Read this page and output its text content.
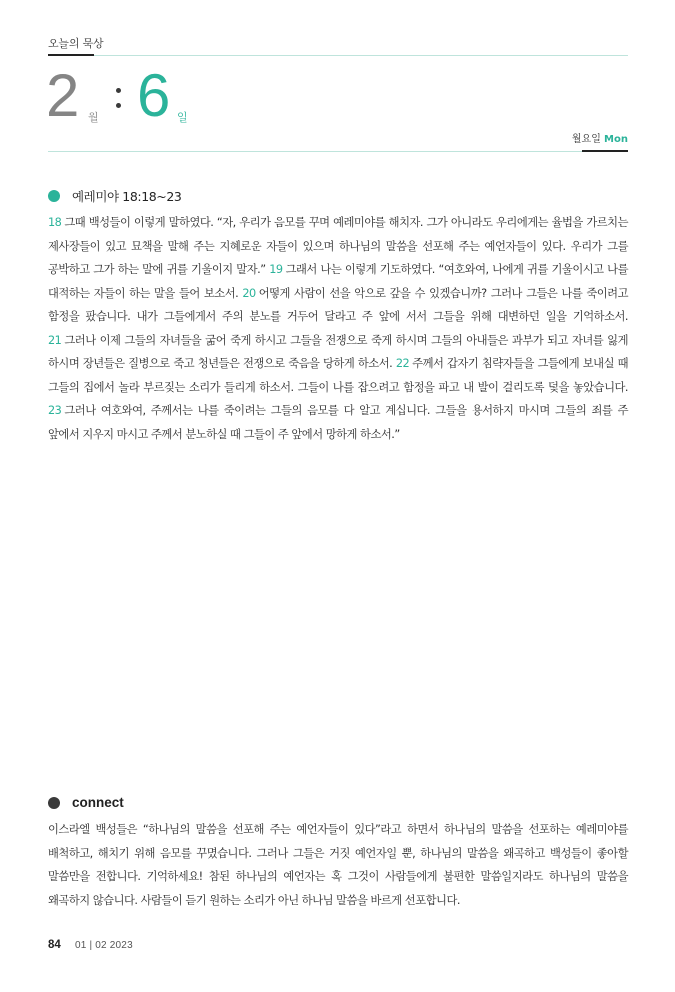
오늘의 묵상
2 월 6 일
월요일 Mon
예레미야 18:18~23

18 그때 백성들이 이렇게 말하였다. “자, 우리가 음모를 꾸며 예레미야를 해치자. 그가 아니라도 우리에게는 율법을 가르치는 제사장들이 있고 묘책을 말해 주는 지혜로운 자들이 있으며 하나님의 말씀을 선포해 주는 예언자들이 있다. 우리가 그를 공박하고 그가 하는 말에 귀를 기울이지 말자.” 19 그래서 나는 이렇게 기도하였다. “여호와여, 나에게 귀를 기울이시고 나를 대적하는 자들이 하는 말을 들어 보소서. 20 어떻게 사람이 선을 악으로 갚을 수 있겠습니까? 그러나 그들은 나를 죽이려고 함정을 팠습니다. 내가 그들에게서 주의 분노를 거두어 달라고 주 앞에 서서 그들을 위해 대변하던 일을 기억하소서. 21 그러나 이제 그들의 자녀들을 굶어 죽게 하시고 그들을 전쟁으로 죽게 하시며 그들의 아내들은 과부가 되고 자녀를 잃게 하시며 장년들은 질병으로 죽고 청년들은 전쟁으로 죽음을 당하게 하소서. 22 주께서 갑자기 침략자들을 그들에게 보내실 때 그들의 집에서 놀라 부르짖는 소리가 들리게 하소서. 그들이 나를 잡으려고 함정을 파고 내 발이 걸리도록 덫을 놓았습니다. 23 그러나 여호와여, 주께서는 나를 죽이려는 그들의 음모를 다 알고 계십니다. 그들을 용서하지 마시며 그들의 죄를 주 앞에서 지우지 마시고 주께서 분노하실 때 그들이 주 앞에서 망하게 하소서.”

connect

이스라엘 백성들은 “하나님의 말씀을 선포해 주는 예언자들이 있다”라고 하면서 하나님의 말씀을 선포하는 예레미야를 배척하고, 해치기 위해 음모를 꾸몄습니다. 그러나 그들은 거짓 예언자일 뿐, 하나님의 말씀을 왜곡하고 백성들이 좋아할 말씀만을 전합니다. 기억하세요! 참된 하나님의 예언자는 혹 그것이 사람들에게 불편한 말씀일지라도 하나님의 말씀을 왜곡하지 않습니다. 사람들이 듣기 원하는 소리가 아닌 하나님 말씀을 바르게 선포합니다.

84 01 | 02 2023
